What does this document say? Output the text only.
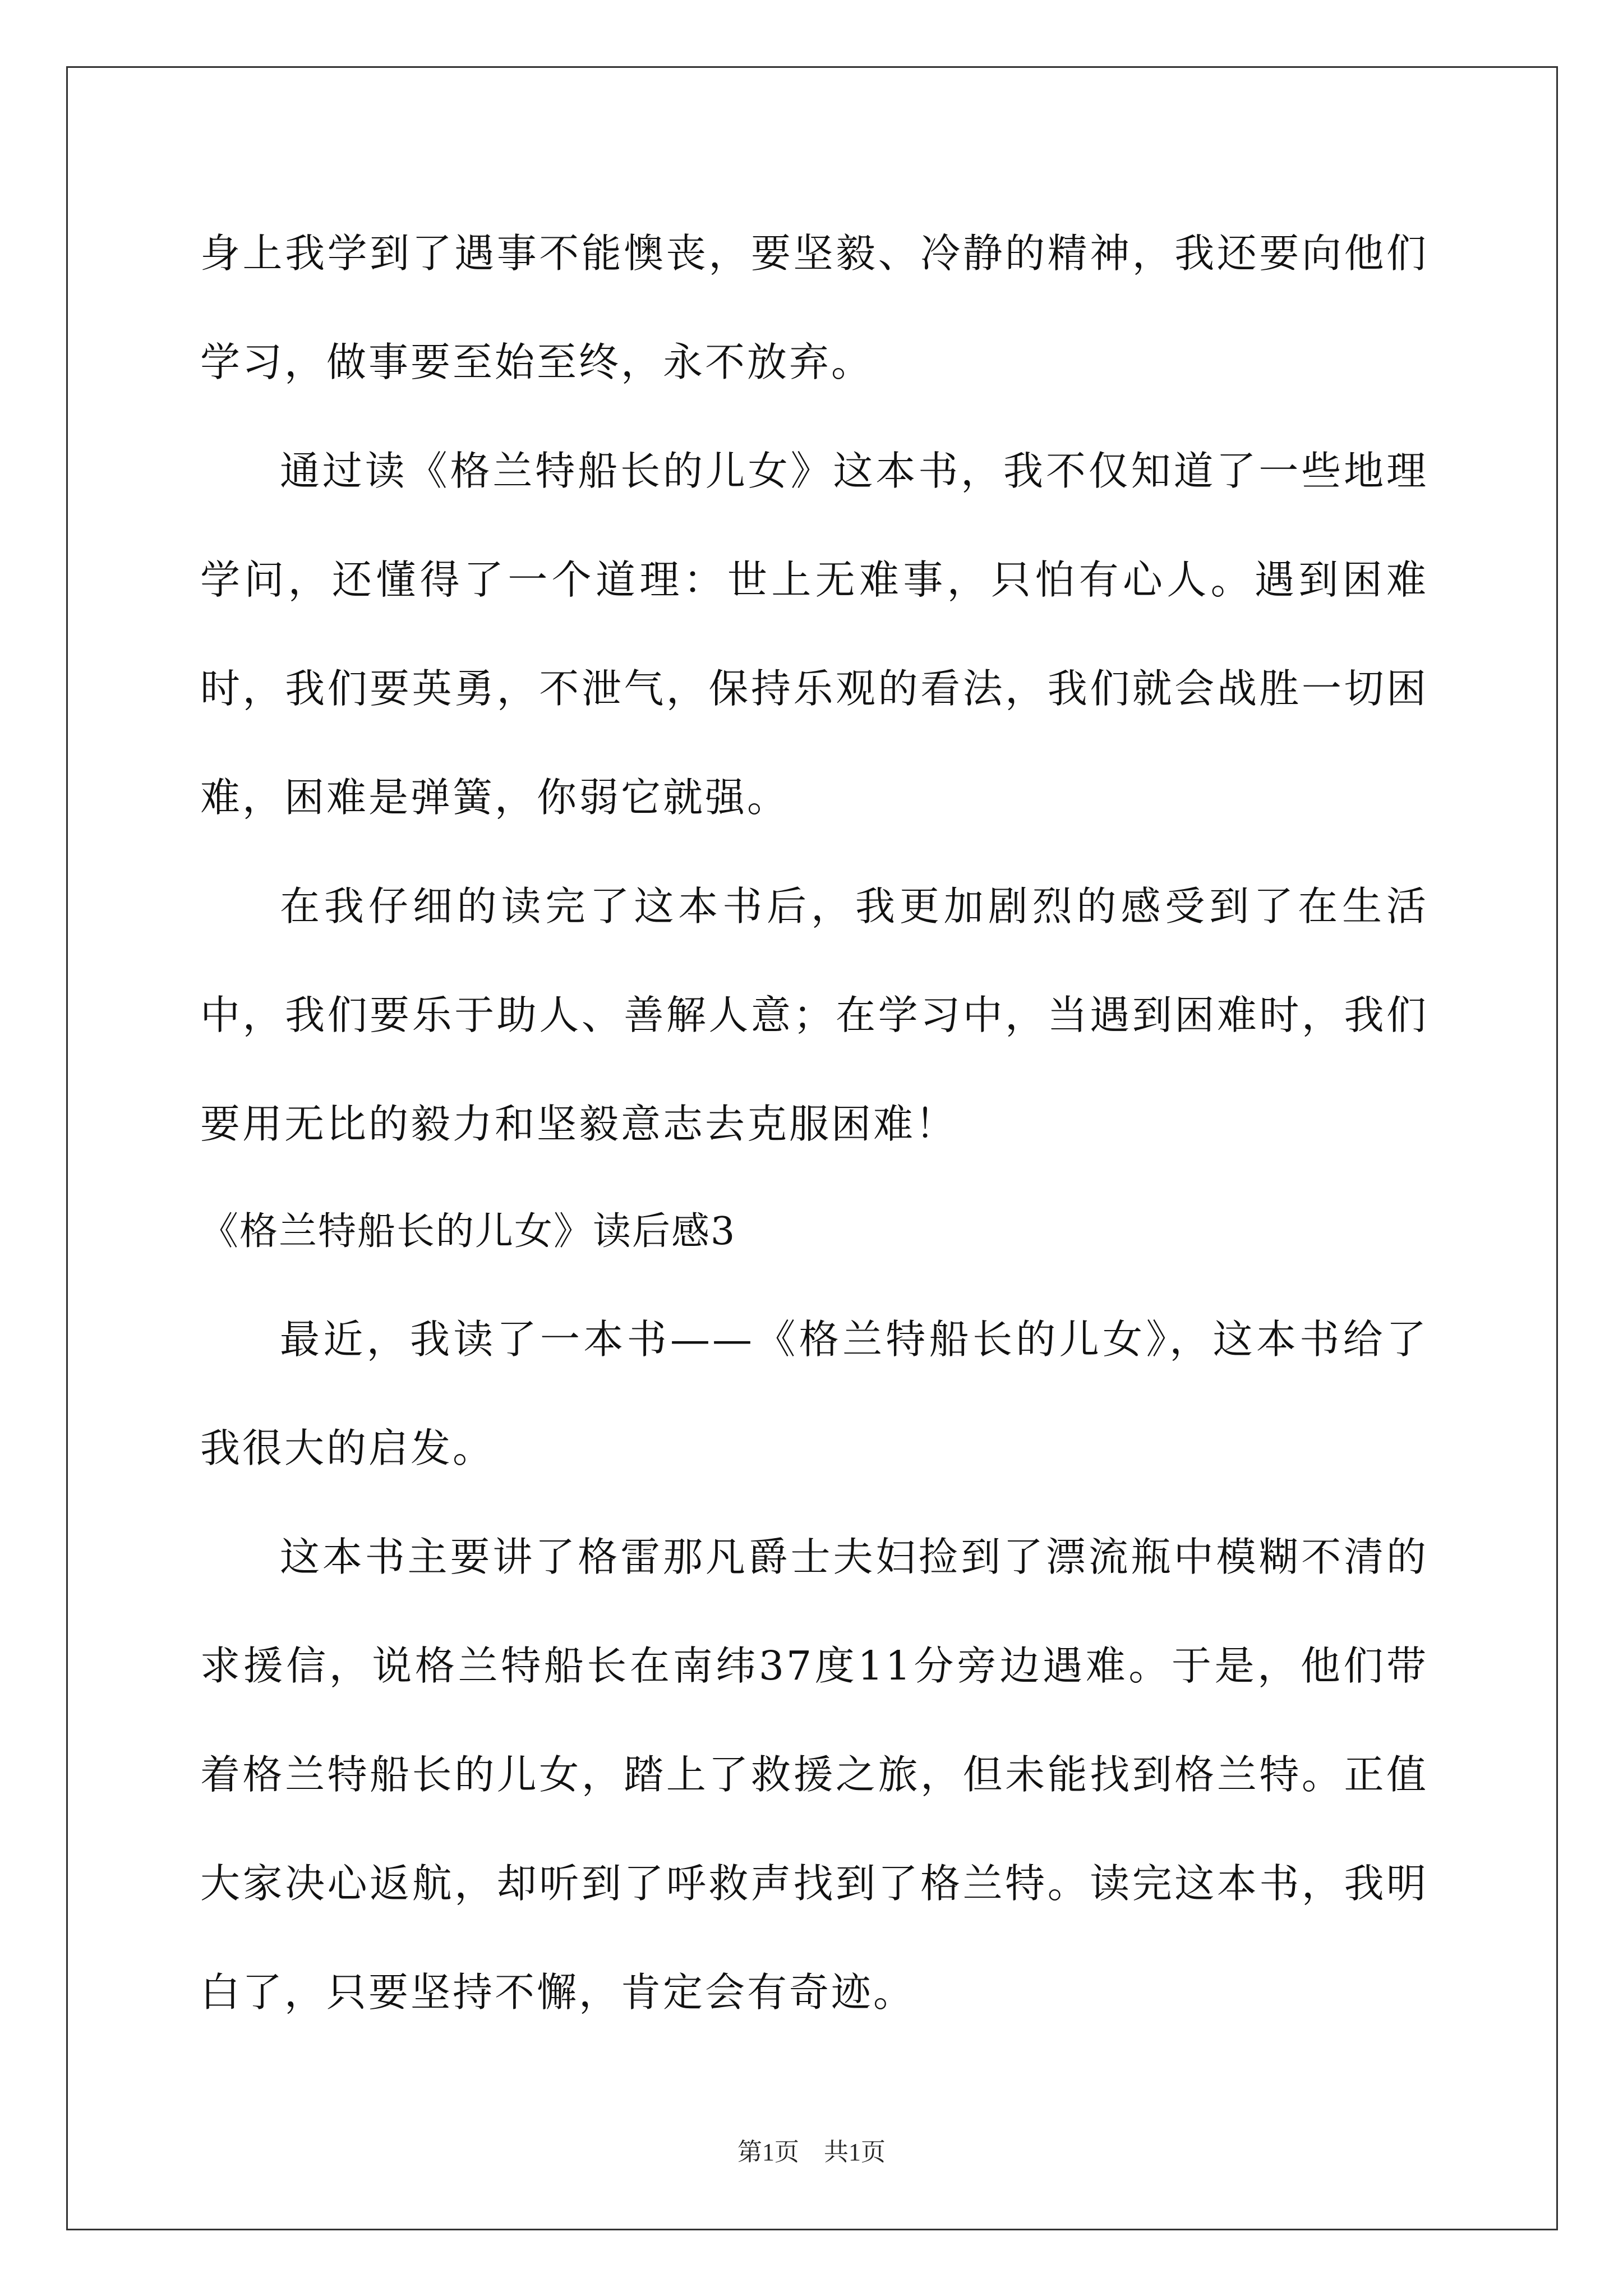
身上我学到了遇事不能懊丧，要坚毅、冷静的精神，我还要向他们学习，做事要至始至终，永不放弃。

通过读《格兰特船长的儿女》这本书，我不仅知道了一些地理学问，还懂得了一个道理：世上无难事，只怕有心人。遇到困难时，我们要英勇，不泄气，保持乐观的看法，我们就会战胜一切困难，困难是弹簧，你弱它就强。

在我仔细的读完了这本书后，我更加剧烈的感受到了在生活中，我们要乐于助人、善解人意；在学习中，当遇到困难时，我们要用无比的毅力和坚毅意志去克服困难！

《格兰特船长的儿女》读后感3

最近，我读了一本书——《格兰特船长的儿女》，这本书给了我很大的启发。

这本书主要讲了格雷那凡爵士夫妇捡到了漂流瓶中模糊不清的求援信，说格兰特船长在南纬37度11分旁边遇难。于是，他们带着格兰特船长的儿女，踏上了救援之旅，但未能找到格兰特。正值大家决心返航，却听到了呼救声找到了格兰特。读完这本书，我明白了，只要坚持不懈，肯定会有奇迹。

第1页　共1页
